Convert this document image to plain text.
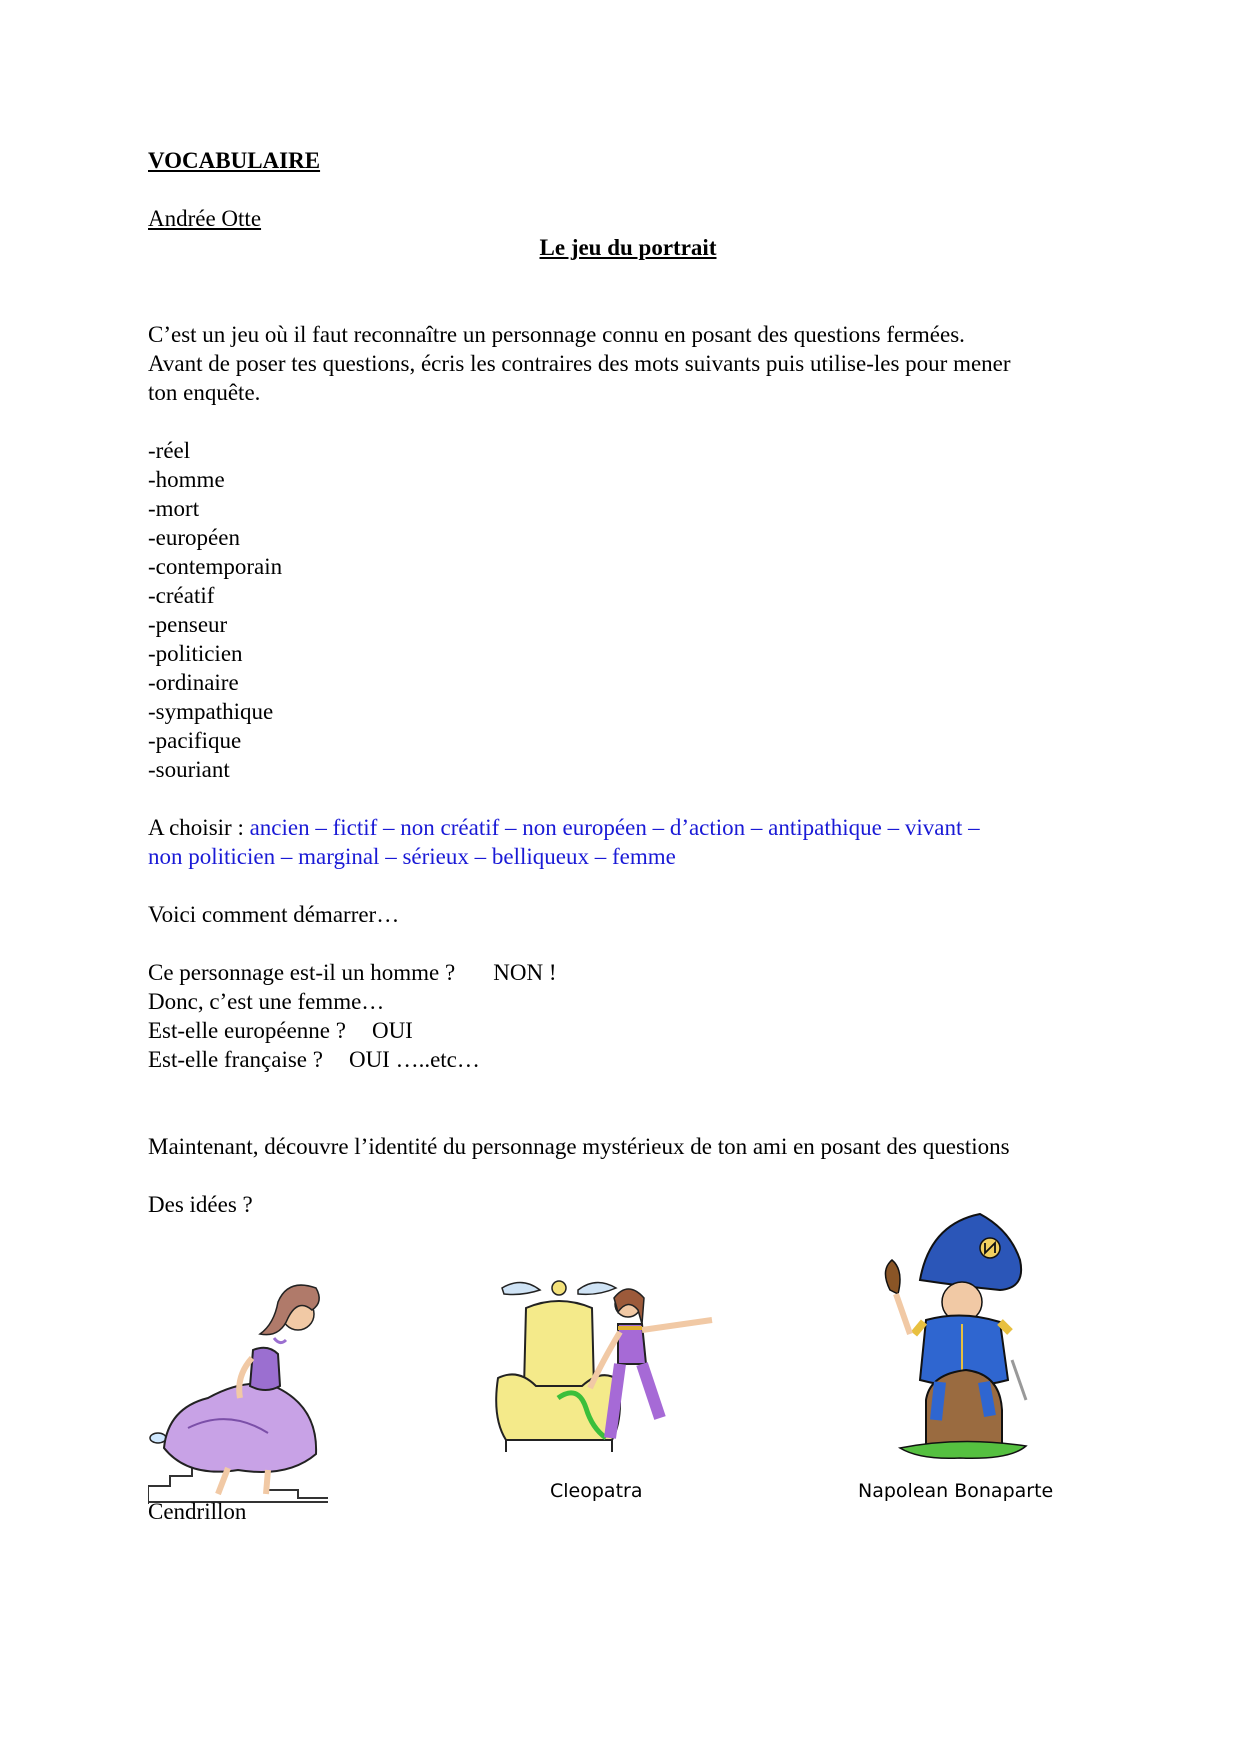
VOCABULAIRE
Andrée Otte
Le jeu du portrait
C’est un jeu où il faut reconnaître un personnage connu en posant des questions fermées.
Avant de poser tes questions, écris les contraires des mots suivants puis utilise-les pour mener
ton enquête.
-réel
-homme
-mort
-européen
-contemporain
-créatif
-penseur
-politicien
-ordinaire
-sympathique
-pacifique
-souriant
A choisir : ancien – fictif – non créatif – non européen – d’action – antipathique – vivant –
non politicien – marginal – sérieux – belliqueux – femme
Voici comment démarrer…
Ce personnage est-il un homme ? NON !
Donc, c’est une femme…
Est-elle européenne ? OUI
Est-elle française ? OUI …..etc…
Maintenant, découvre l’identité du personnage mystérieux de ton ami en posant des questions
Des idées ?
Cendrillon
Cleopatra	Napolean Bonaparte
